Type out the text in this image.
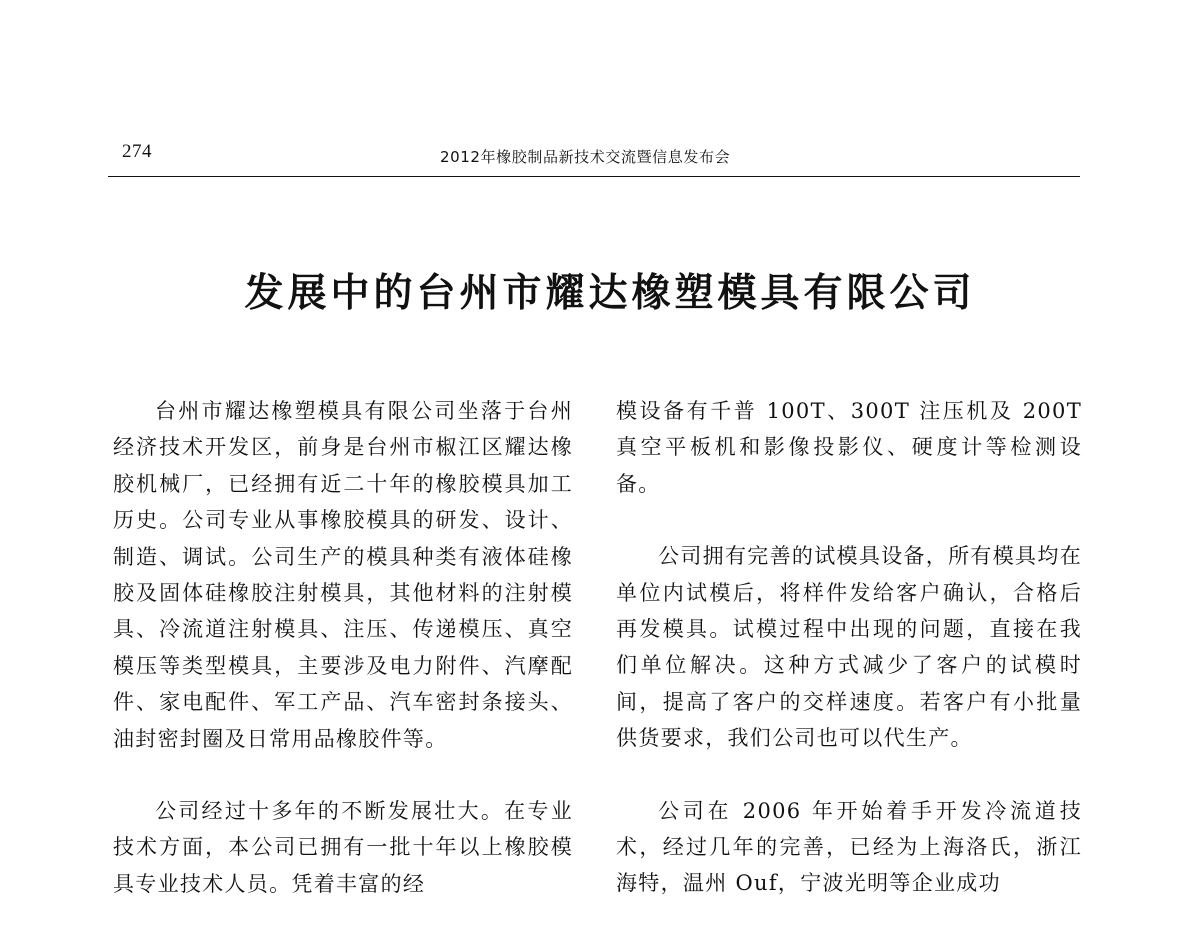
274	2012年橡胶制品新技术交流暨信息发布会
发展中的台州市耀达橡塑模具有限公司

台州市耀达橡塑模具有限公司坐落于台州经济技术开发区，前身是台州市椒江区耀达橡胶机械厂，已经拥有近二十年的橡胶模具加工历史。公司专业从事橡胶模具的研发、设计、制造、调试。公司生产的模具种类有液体硅橡胶及固体硅橡胶注射模具，其他材料的注射模具、冷流道注射模具、注压、传递模压、真空模压等类型模具，主要涉及电力附件、汽摩配件、家电配件、军工产品、汽车密封条接头、油封密封圈及日常用品橡胶件等。

公司经过十多年的不断发展壮大。在专业技术方面，本公司已拥有一批十年以上橡胶模具专业技术人员。凭着丰富的经

模设备有千普 100T、300T 注压机及 200T 真空平板机和影像投影仪、硬度计等检测设备。

公司拥有完善的试模具设备，所有模具均在单位内试模后，将样件发给客户确认，合格后再发模具。试模过程中出现的问题，直接在我们单位解决。这种方式减少了客户的试模时间，提高了客户的交样速度。若客户有小批量供货要求，我们公司也可以代生产。

公司在 2006 年开始着手开发冷流道技术，经过几年的完善，已经为上海洛氏，浙江海特，温州 Ouf，宁波光明等企业成功
